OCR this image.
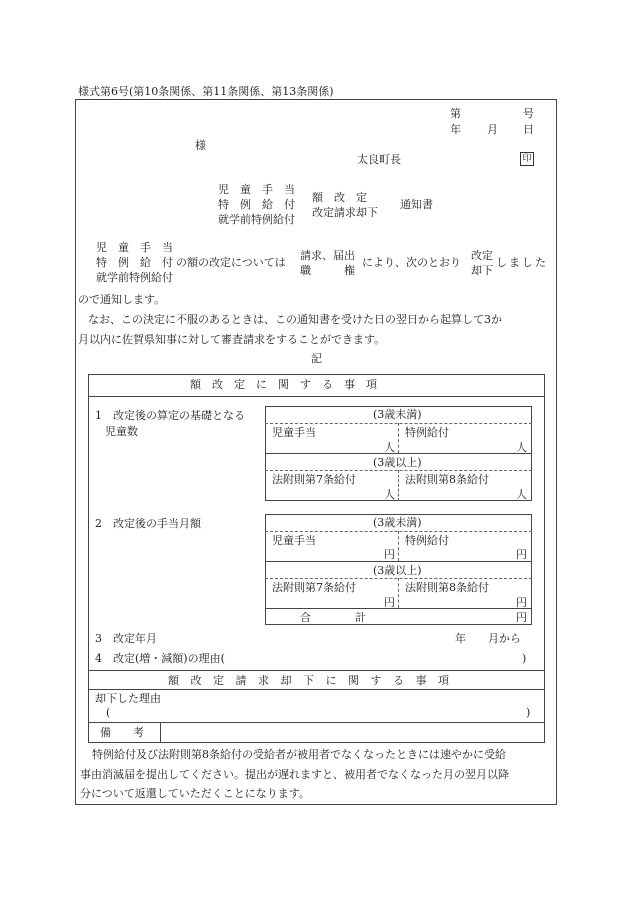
様式第6号(第10条関係、第11条関係、第13条関係)
第	号
年 月 日
様
太良町長	印
児　童　手　当
特　例　給　付
就学前特例給付
額　改　定
改定請求却下
通知書
児　童　手　当
特　例　給　付
就学前特例給付
の額の改定については
請求、届出
職　　　権
により、次のとおり
改定
却下
しました
ので通知します。
なお、この決定に不服のあるときは、この通知書を受けた日の翌日から起算して3か
月以内に佐賀県知事に対して審査請求をすることができます。
記
額　改　定　に　関　す　る　事　項
1　改定後の算定の基礎となる
児童数
(3歳未満)
児童手当	特例給付
人	人
(3歳以上)
法附則第7条給付	法附則第8条給付
人	人
2　改定後の手当月額	(3歳未満)
児童手当	特例給付
円	円
(3歳以上)
法附則第7条給付	法附則第8条給付
円	円
合　　　　計	円
3　改定年月	年　　月から
4　改定(増・減額)の理由(	)
額 改 定 請 求 却 下 に 関 す る 事 項
却下した理由
(	)
備　　考
特例給付及び法附則第8条給付の受給者が被用者でなくなったときには速やかに受給
事由消滅届を提出してください。提出が遅れますと、被用者でなくなった月の翌月以降
分について返還していただくことになります。
